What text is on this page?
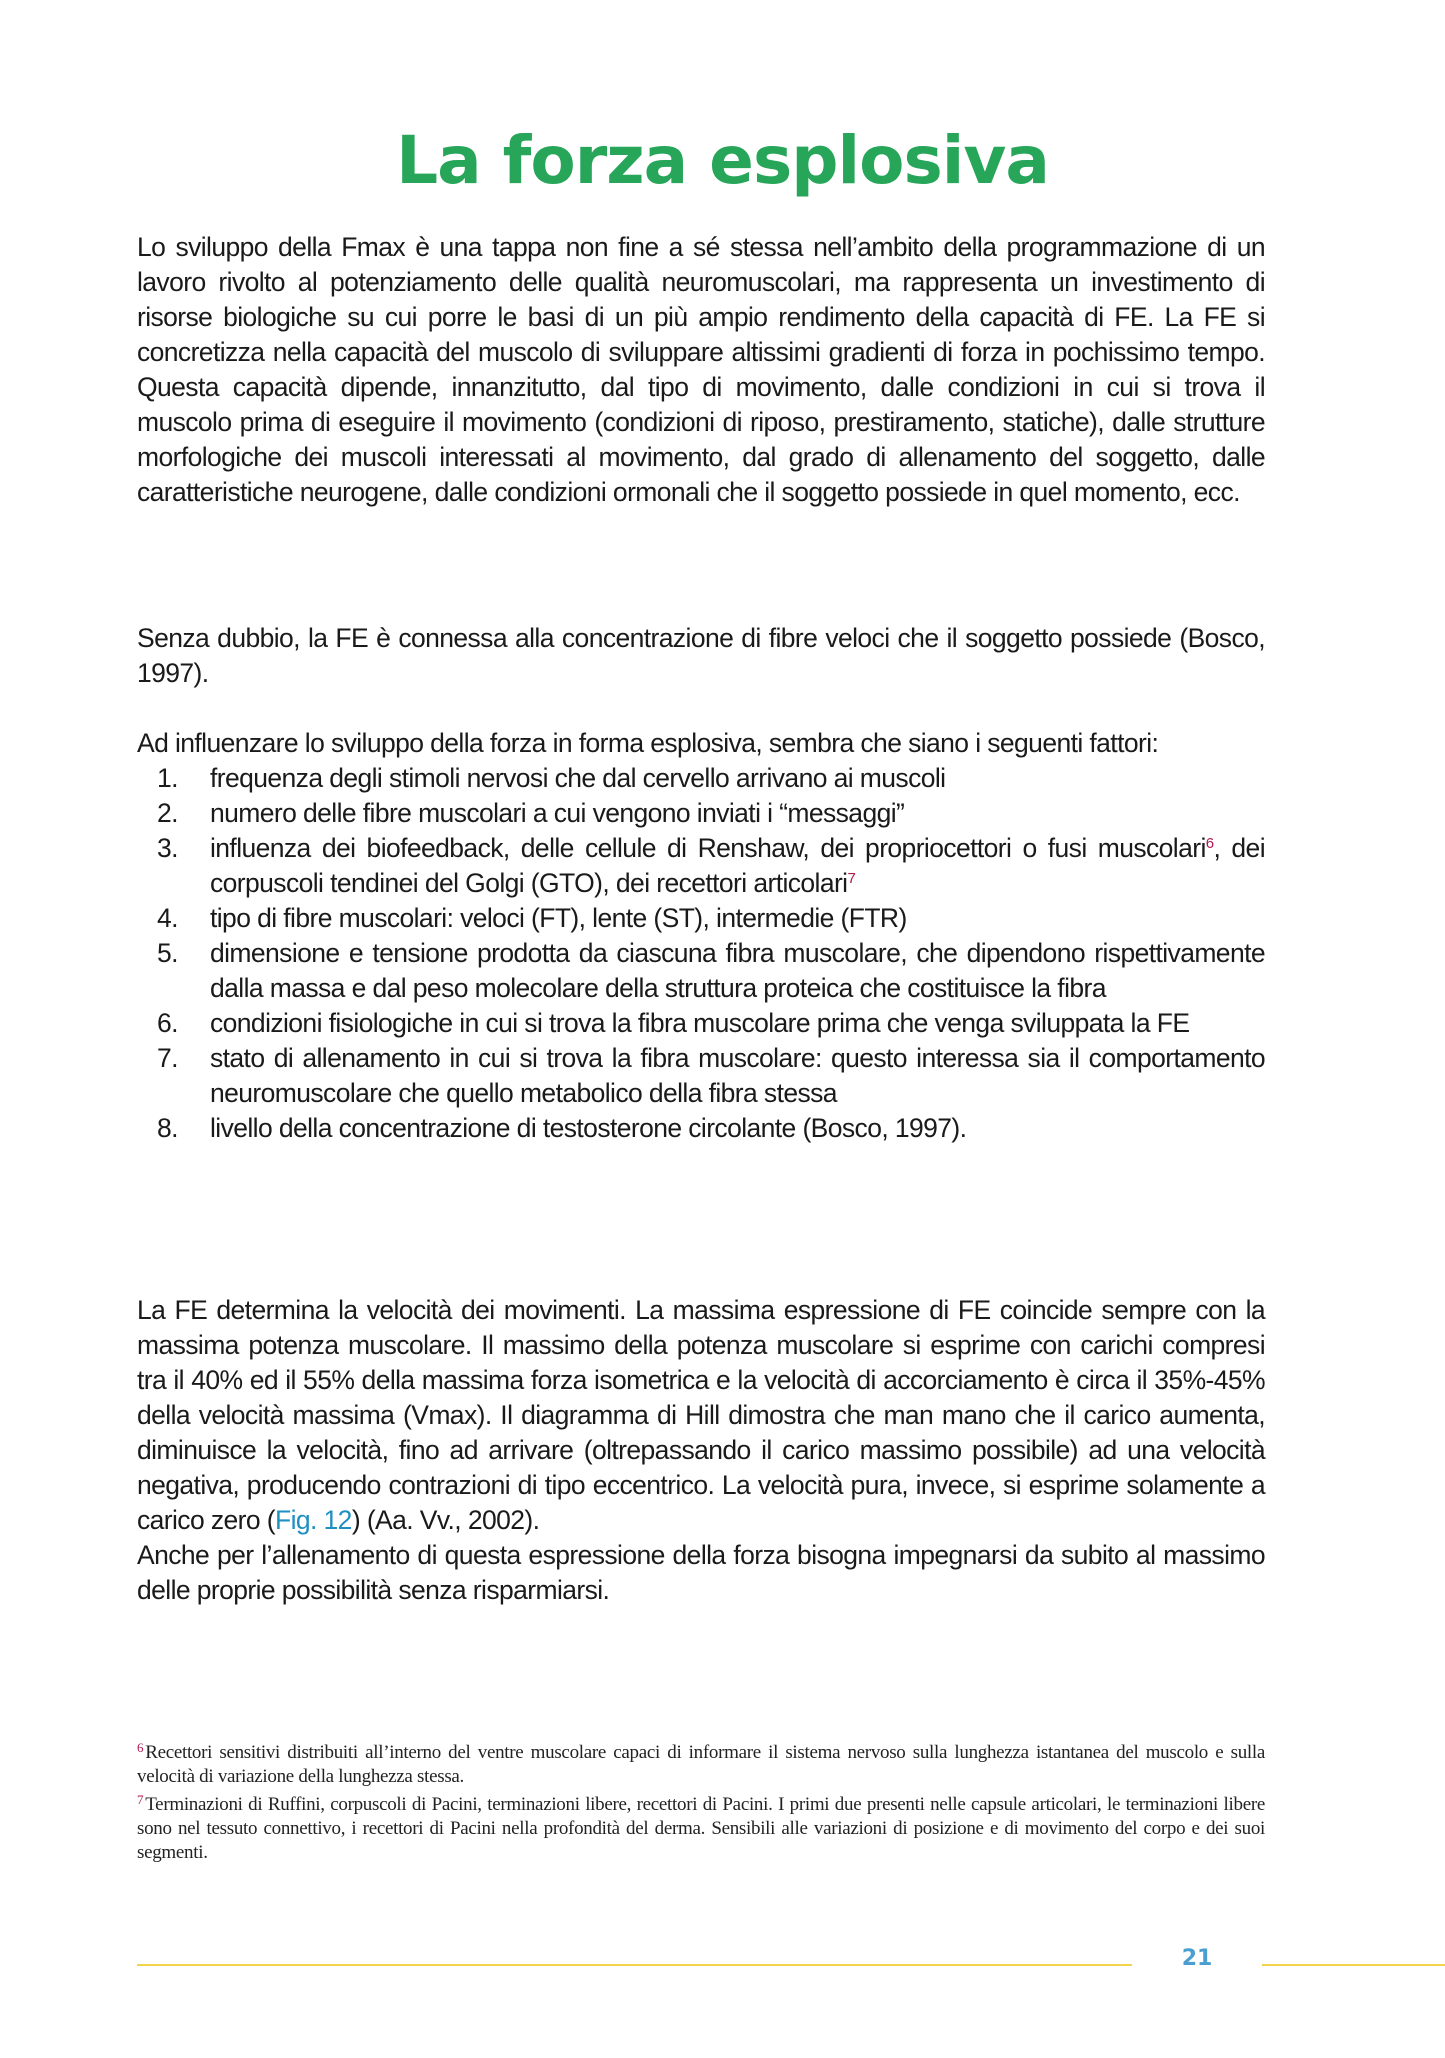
La forza esplosiva

Lo sviluppo della Fmax è una tappa non fine a sé stessa nell’ambito della programmazione di un lavoro rivolto al potenziamento delle qualità neuromuscolari, ma rappresenta un investimento di risorse biologiche su cui porre le basi di un più ampio rendimento della capacità di FE. La FE si concretizza nella capacità del muscolo di sviluppare altissimi gradienti di forza in pochissimo tempo. Questa capacità dipende, innanzitutto, dal tipo di movimento, dalle condizioni in cui si trova il muscolo prima di eseguire il movimento (condizioni di riposo, prestiramento, statiche), dalle strutture morfologiche dei muscoli interessati al movimento, dal grado di allenamento del soggetto, dalle caratteristiche neurogene, dalle condizioni ormonali che il soggetto possiede in quel momento, ecc.

Senza dubbio, la FE è connessa alla concentrazione di fibre veloci che il soggetto possiede (Bosco, 1997).

Ad influenzare lo sviluppo della forza in forma esplosiva, sembra che siano i seguenti fattori:

1. frequenza degli stimoli nervosi che dal cervello arrivano ai muscoli
2. numero delle fibre muscolari a cui vengono inviati i “messaggi”
3. influenza dei biofeedback, delle cellule di Renshaw, dei propriocettori o fusi muscolari$^6$, dei corpuscoli tendinei del Golgi (GTO), dei recettori articolari$^7$
4. tipo di fibre muscolari: veloci (FT), lente (ST), intermedie (FTR)
5. dimensione e tensione prodotta da ciascuna fibra muscolare, che dipendono rispettivamente dalla massa e dal peso molecolare della struttura proteica che costituisce la fibra
6. condizioni fisiologiche in cui si trova la fibra muscolare prima che venga sviluppata la FE
7. stato di allenamento in cui si trova la fibra muscolare: questo interessa sia il comportamento neuromuscolare che quello metabolico della fibra stessa
8. livello della concentrazione di testosterone circolante (Bosco, 1997).

La FE determina la velocità dei movimenti. La massima espressione di FE coincide sempre con la massima potenza muscolare. Il massimo della potenza muscolare si esprime con carichi compresi tra il 40% ed il 55% della massima forza isometrica e la velocità di accorciamento è circa il 35%-45% della velocità massima (Vmax). Il diagramma di Hill dimostra che man mano che il carico aumenta, diminuisce la velocità, fino ad arrivare (oltrepassando il carico massimo possibile) ad una velocità negativa, producendo contrazioni di tipo eccentrico. La velocità pura, invece, si esprime solamente a carico zero (Fig. 12) (Aa. Vv., 2002).

Anche per l’allenamento di questa espressione della forza bisogna impegnarsi da subito al massimo delle proprie possibilità senza risparmiarsi.

$^6$ Recettori sensitivi distribuiti all’interno del ventre muscolare capaci di informare il sistema nervoso sulla lunghezza istantanea del muscolo e sulla velocità di variazione della lunghezza stessa.

$^7$ Terminazioni di Ruffini, corpuscoli di Pacini, terminazioni libere, recettori di Pacini. I primi due presenti nelle capsule articolari, le terminazioni libere sono nel tessuto connettivo, i recettori di Pacini nella profondità del derma. Sensibili alle variazioni di posizione e di movimento del corpo e dei suoi segmenti.

21
